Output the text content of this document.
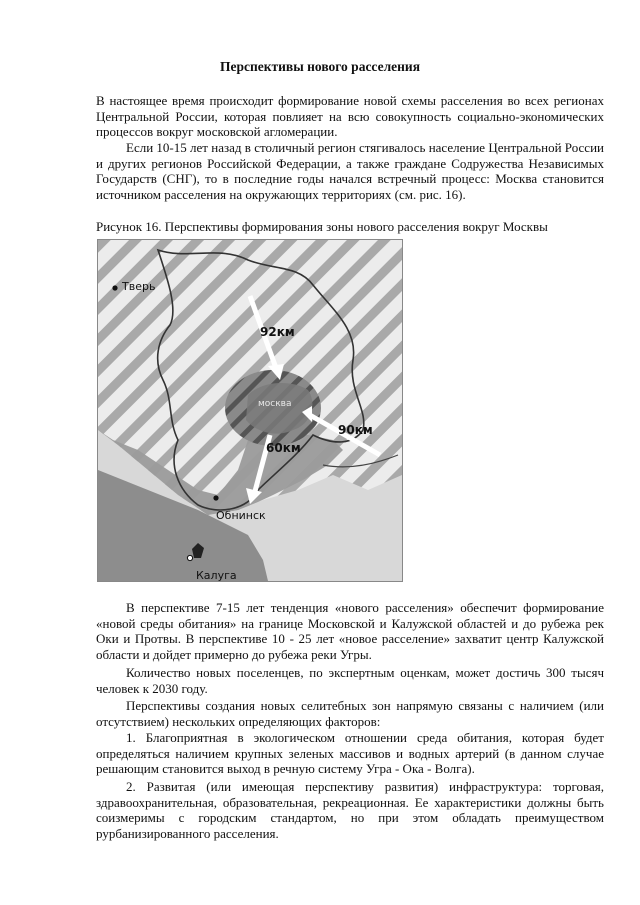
Перспективы нового расселения

В настоящее время происходит формирование новой схемы расселения во всех регионах Центральной России, которая повлияет на всю совокупность социально-экономических процессов вокруг московской агломерации.

Если 10-15 лет назад в столичный регион стягивалось население Центральной России и других регионов Российской Федерации, а также граждане Содружества Независимых Государств (СНГ), то в последние годы начался встречный процесс: Москва становится источником расселения на окружающих территориях (см. рис. 16).

Рисунок 16. Перспективы формирования зоны нового расселения вокруг Москвы
92км
90км
60км
москва
Тверь
Обнинск
Калуга

В перспективе 7-15 лет тенденция «нового расселения» обеспечит формирование «новой среды обитания» на границе Московской и Калужской областей и до рубежа рек Оки и Протвы. В перспективе 10 - 25 лет «новое расселение» захватит центр Калужской области и дойдет примерно до рубежа реки Угры.

Количество новых поселенцев, по экспертным оценкам, может достичь 300 тысяч человек к 2030 году.

Перспективы создания новых селитебных зон напрямую связаны с наличием (или отсутствием) нескольких определяющих факторов:

1. Благоприятная в экологическом отношении среда обитания, которая будет определяться наличием крупных зеленых массивов и водных артерий (в данном случае решающим становится выход в речную систему Угра - Ока - Волга).

2. Развитая (или имеющая перспективу развития) инфраструктура: торговая, здравоохранительная, образовательная, рекреационная. Ее характеристики должны быть соизмеримы с городским стандартом, но при этом обладать преимуществом рурбанизированного расселения.
